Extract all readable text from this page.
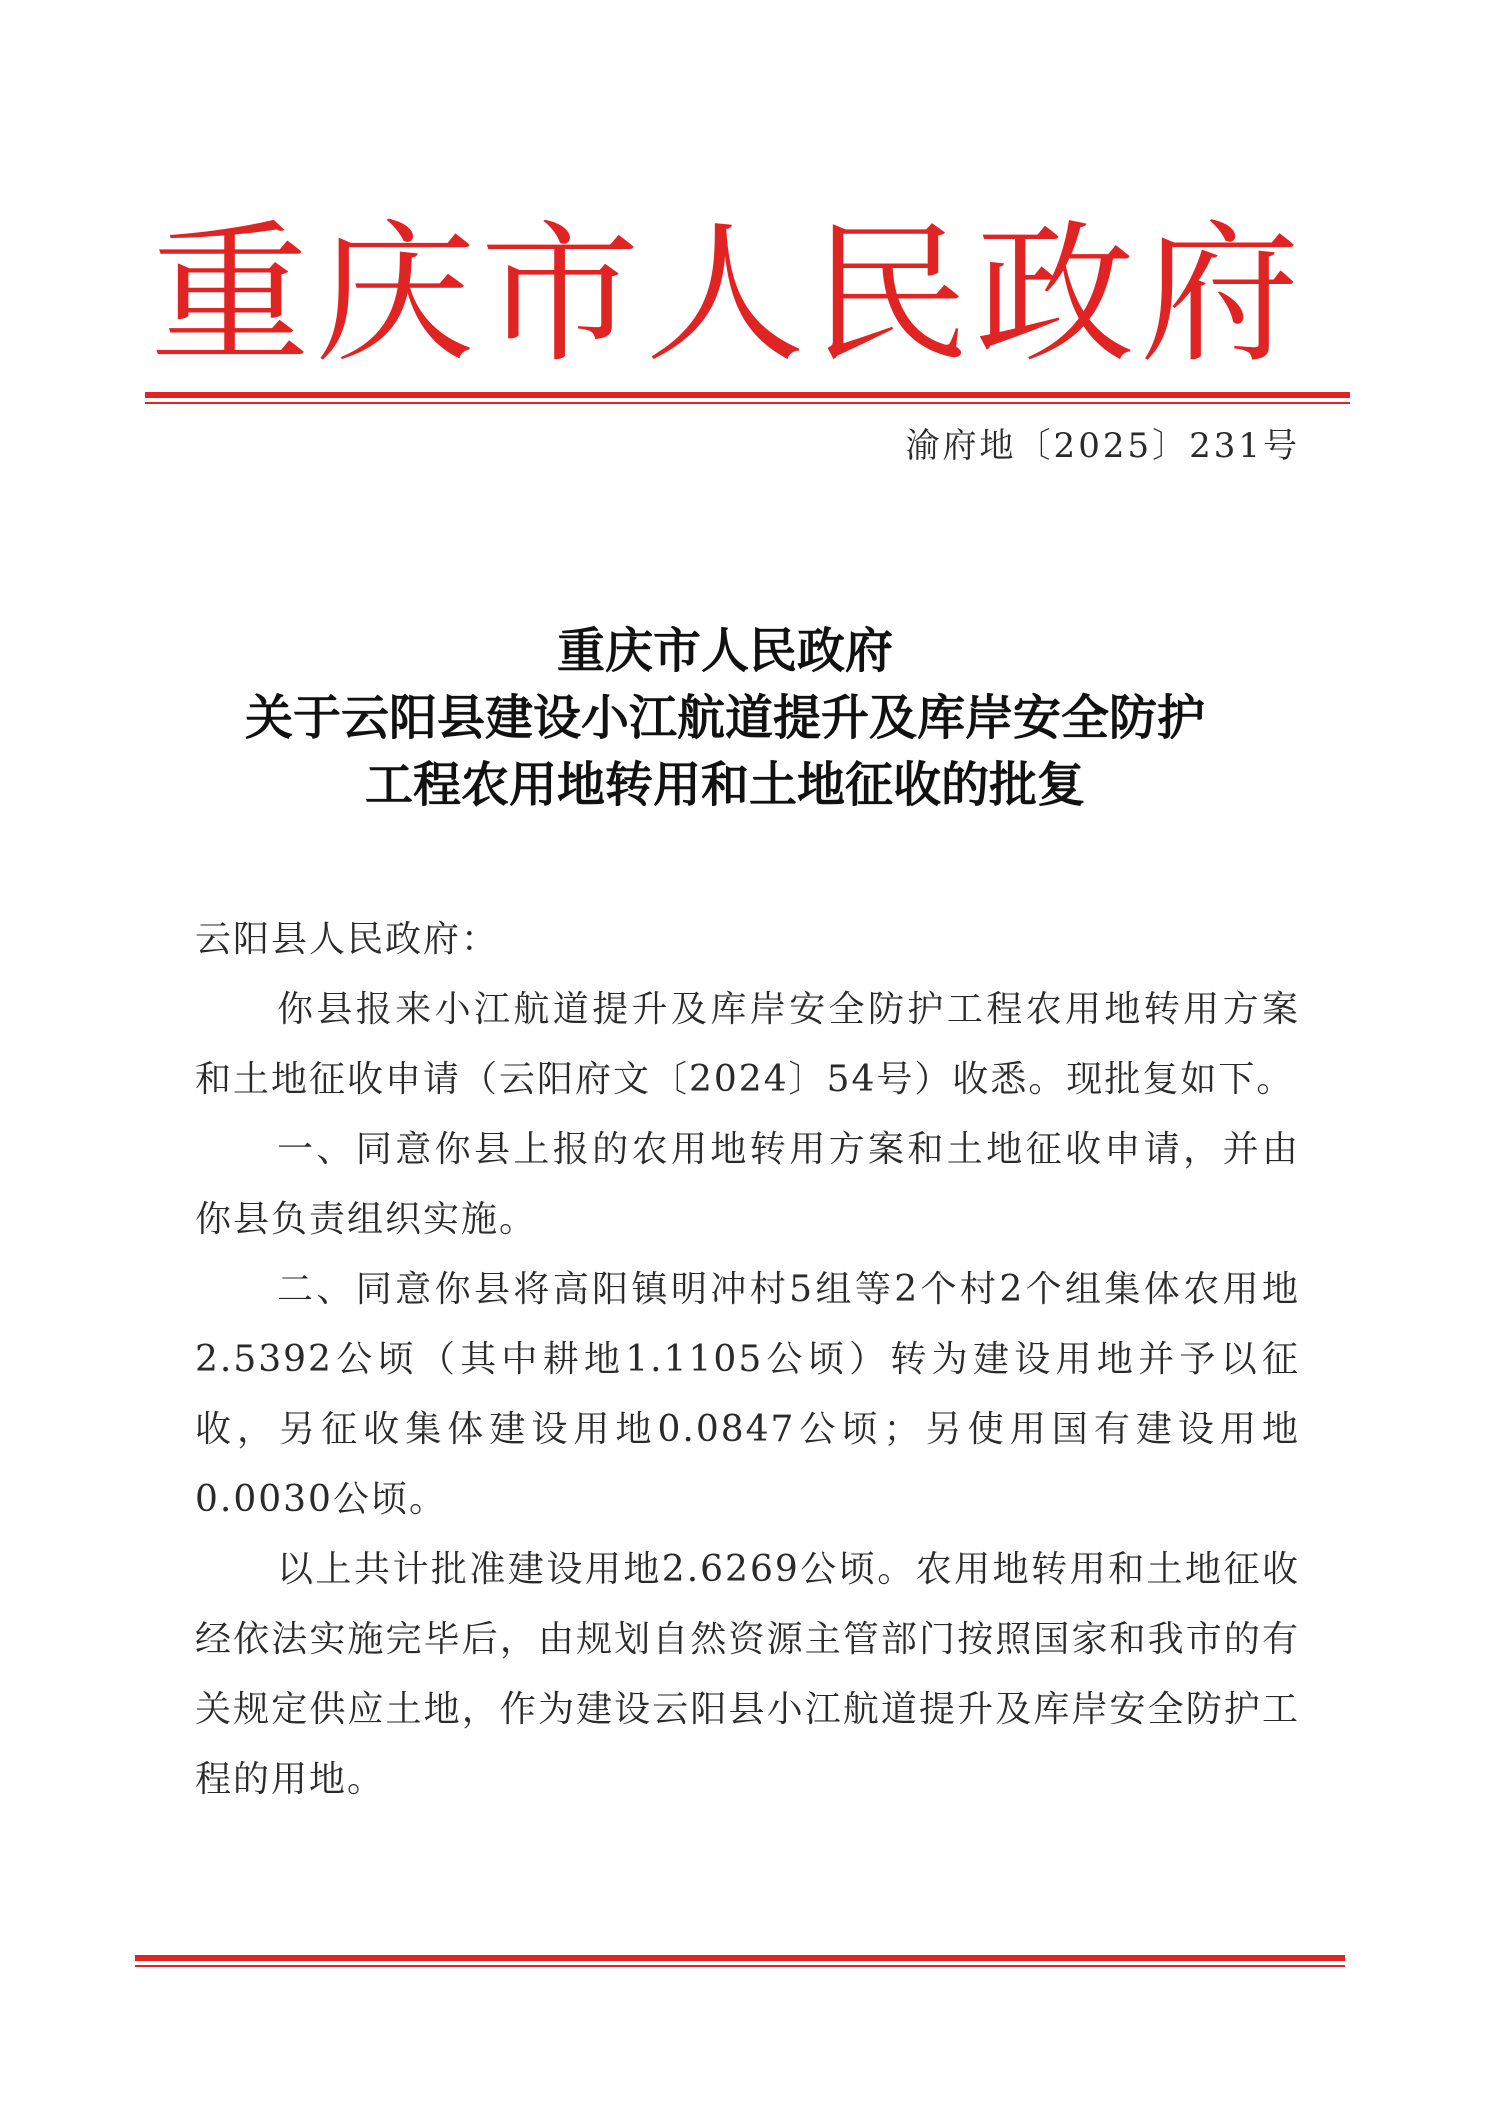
重 庆 市 人 民 政 府
渝府地〔2025〕231号
重庆市人民政府
关于云阳县建设小江航道提升及库岸安全防护
工程农用地转用和土地征收的批复

云阳县人民政府：

你县报来小江航道提升及库岸安全防护工程农用地转用方案和土地征收申请（云阳府文〔2024〕54号）收悉。现批复如下。

一、同意你县上报的农用地转用方案和土地征收申请，并由你县负责组织实施。

二、同意你县将高阳镇明冲村5组等2个村2个组集体农用地2.5392公顷（其中耕地1.1105公顷）转为建设用地并予以征收，另征收集体建设用地0.0847公顷；另使用国有建设用地0.0030公顷。

以上共计批准建设用地2.6269公顷。农用地转用和土地征收经依法实施完毕后，由规划自然资源主管部门按照国家和我市的有关规定供应土地，作为建设云阳县小江航道提升及库岸安全防护工程的用地。
